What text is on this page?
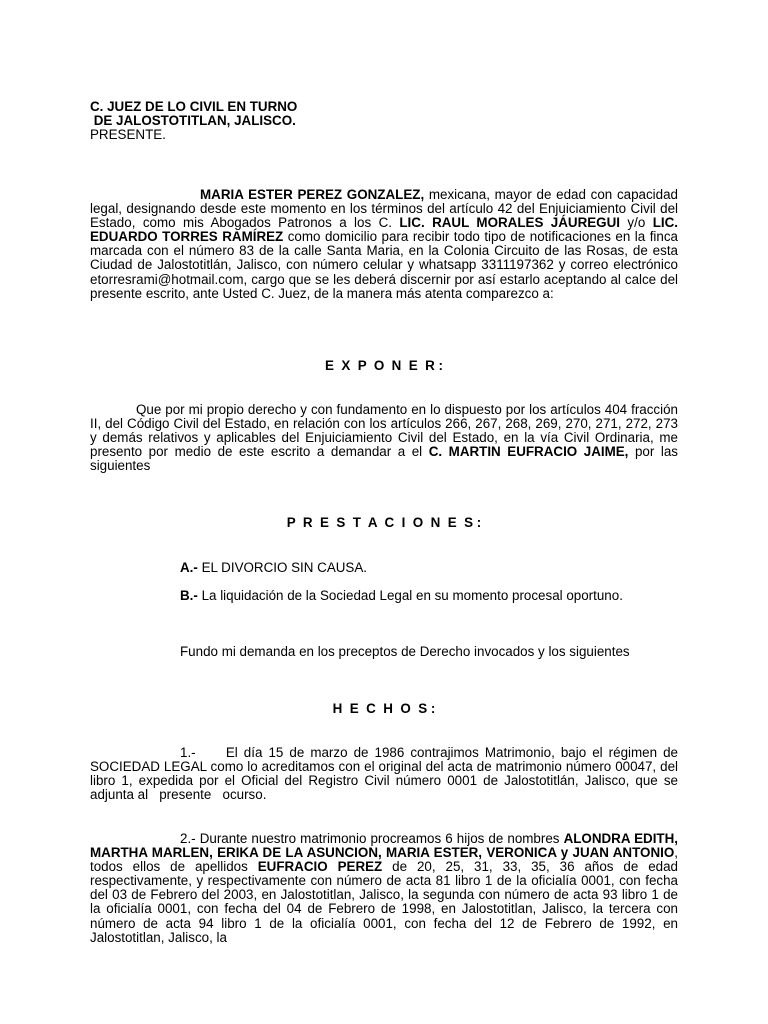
C. JUEZ DE LO CIVIL EN TURNO
DE JALOSTOTITLAN, JALISCO.
PRESENTE.

MARIA ESTER PEREZ GONZALEZ, mexicana, mayor de edad con capacidad legal, designando desde este momento en los términos del artículo 42 del Enjuiciamiento Civil del Estado, como mis Abogados Patronos a los C. LIC. RAUL MORALES JÁUREGUI y/o LIC. EDUARDO TORRES RAMÍREZ como domicilio para recibir todo tipo de notificaciones en la finca marcada con el número 83 de la calle Santa Maria, en la Colonia Circuito de las Rosas, de esta Ciudad de Jalostotitlán, Jalisco, con número celular y whatsapp 3311197362 y correo electrónico etorresrami@hotmail.com, cargo que se les deberá discernir por así estarlo aceptando al calce del presente escrito, ante Usted C. Juez, de la manera más atenta comparezco a:

E  X  P  O  N  E  R :

Que por mi propio derecho y con fundamento en lo dispuesto por los artículos 404 fracción II, del Código Civil del Estado, en relación con los artículos 266, 267, 268, 269, 270, 271, 272, 273 y demás relativos y aplicables del Enjuiciamiento Civil del Estado, en la vía Civil Ordinaria, me presento por medio de este escrito a demandar a el C. MARTIN EUFRACIO JAIME, por las siguientes

P  R  E  S  T  A  C  I  O  N  E  S :

A.- EL DIVORCIO SIN CAUSA.

B.- La liquidación de la Sociedad Legal en su momento procesal oportuno.

Fundo mi demanda en los preceptos de Derecho invocados y los siguientes

H  E  C  H  O  S :

1.-     El día 15 de marzo de 1986 contrajimos Matrimonio, bajo el régimen de SOCIEDAD LEGAL como lo acreditamos con el original del acta de matrimonio número 00047, del libro 1, expedida por el Oficial del Registro Civil número 0001 de Jalostotitlán, Jalisco, que se adjunta al   presente   ocurso.

2.- Durante nuestro matrimonio procreamos 6 hijos de nombres ALONDRA EDITH, MARTHA MARLEN, ERIKA DE LA ASUNCION, MARIA ESTER, VERONICA y JUAN ANTONIO, todos ellos de apellidos EUFRACIO PEREZ de 20, 25, 31, 33, 35, 36 años de edad respectivamente, y respectivamente con número de acta 81 libro 1 de la oficialía 0001, con fecha del 03 de Febrero del 2003, en Jalostotitlan, Jalisco, la segunda con número de acta 93 libro 1 de la oficialía 0001, con fecha del 04 de Febrero de 1998, en Jalostotitlan, Jalisco, la tercera con número de acta 94 libro 1 de la oficialía 0001, con fecha del 12 de Febrero de 1992, en Jalostotitlan, Jalisco, la
